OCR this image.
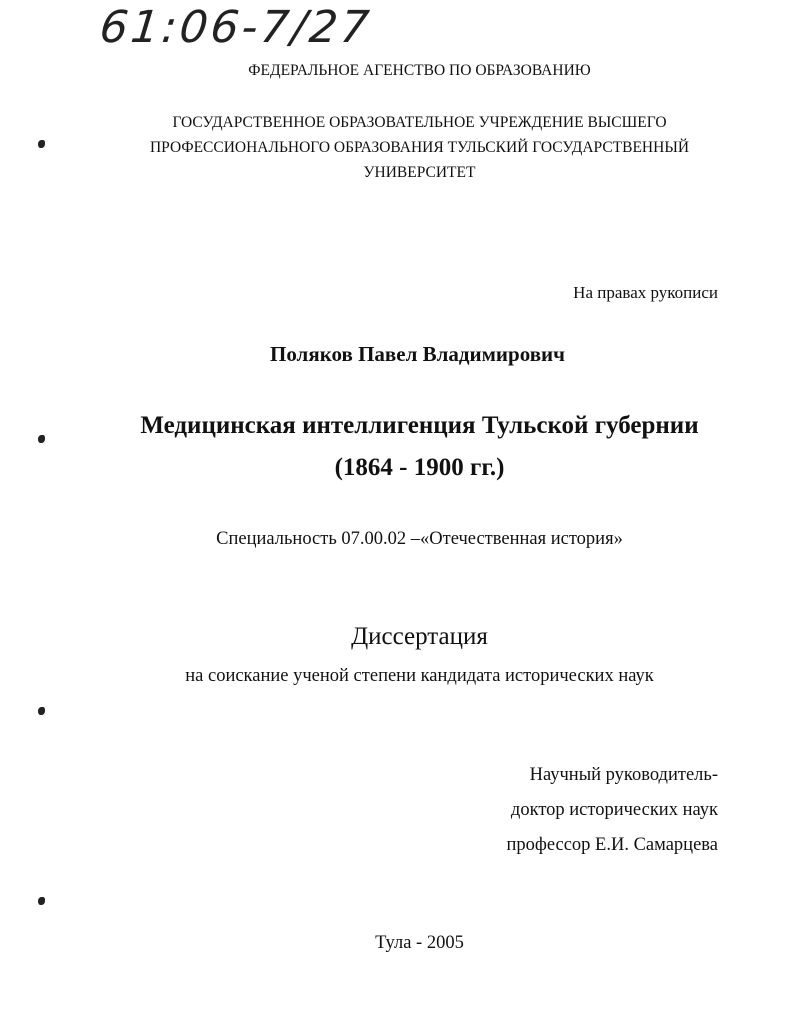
61:06-7/27
ФЕДЕРАЛЬНОЕ АГЕНСТВО ПО ОБРАЗОВАНИЮ
ГОСУДАРСТВЕННОЕ ОБРАЗОВАТЕЛЬНОЕ УЧРЕЖДЕНИЕ ВЫСШЕГО
ПРОФЕССИОНАЛЬНОГО ОБРАЗОВАНИЯ ТУЛЬСКИЙ ГОСУДАРСТВЕННЫЙ
УНИВЕРСИТЕТ
На правах рукописи
Поляков Павел Владимирович
Медицинская интеллигенция Тульской губернии
(1864 - 1900 гг.)
Специальность 07.00.02 –«Отечественная история»
Диссертация
на соискание ученой степени кандидата исторических наук
Научный руководитель-
доктор исторических наук
профессор Е.И. Самарцева
Тула - 2005
